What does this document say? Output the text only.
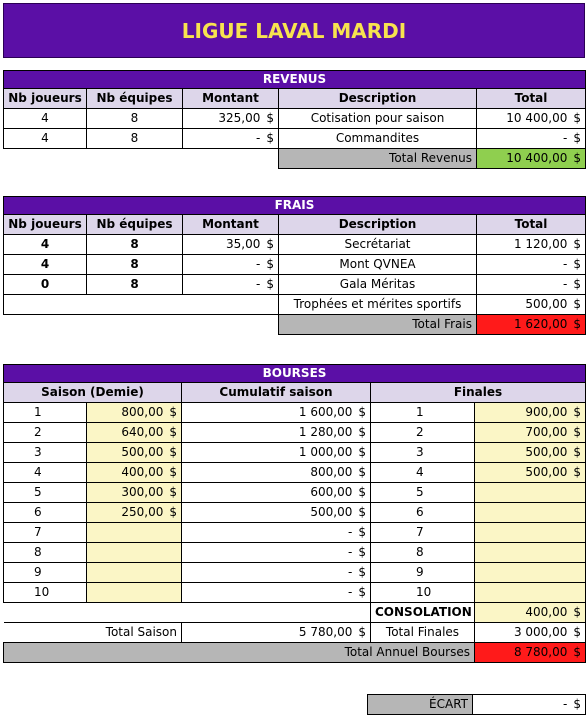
LIGUE LAVAL MARDI
REVENUS				
Nb joueurs	Nb équipes	Montant	Description	Total
4	8	325,00 $	Cotisation pour saison	10 400,00 $

4	8	- $	Commandites	- $

			Total Revenus	10 400,00 $
FRAIS				
Nb joueurs	Nb équipes	Montant	Description	Total
4	8	35,00 $	Secrétariat	1 120,00 $

4	8	- $	Mont QVNEA	- $

0	8	- $	Gala Méritas	- $

			Trophées et mérites sportifs	500,00 $

			Total Frais	1 620,00 $
BOURSES				
Saison (Demie)		Cumulatif saison	Finales	
1	800,00 $	1 600,00 $	1	900,00 $

2	640,00 $	1 280,00 $	2	700,00 $

3	500,00 $	1 000,00 $	3	500,00 $

4	400,00 $	800,00 $	4	500,00 $

5	300,00 $	600,00 $	5	

6	250,00 $	500,00 $	6	

7		- $	7	

8		- $	8	

9		- $	9	

10		- $	10	

			CONSOLATION	400,00 $

Total Saison		5 780,00 $	Total Finales	3 000,00 $

Total Annuel Bourses				8 780,00 $
ÉCART	- $
